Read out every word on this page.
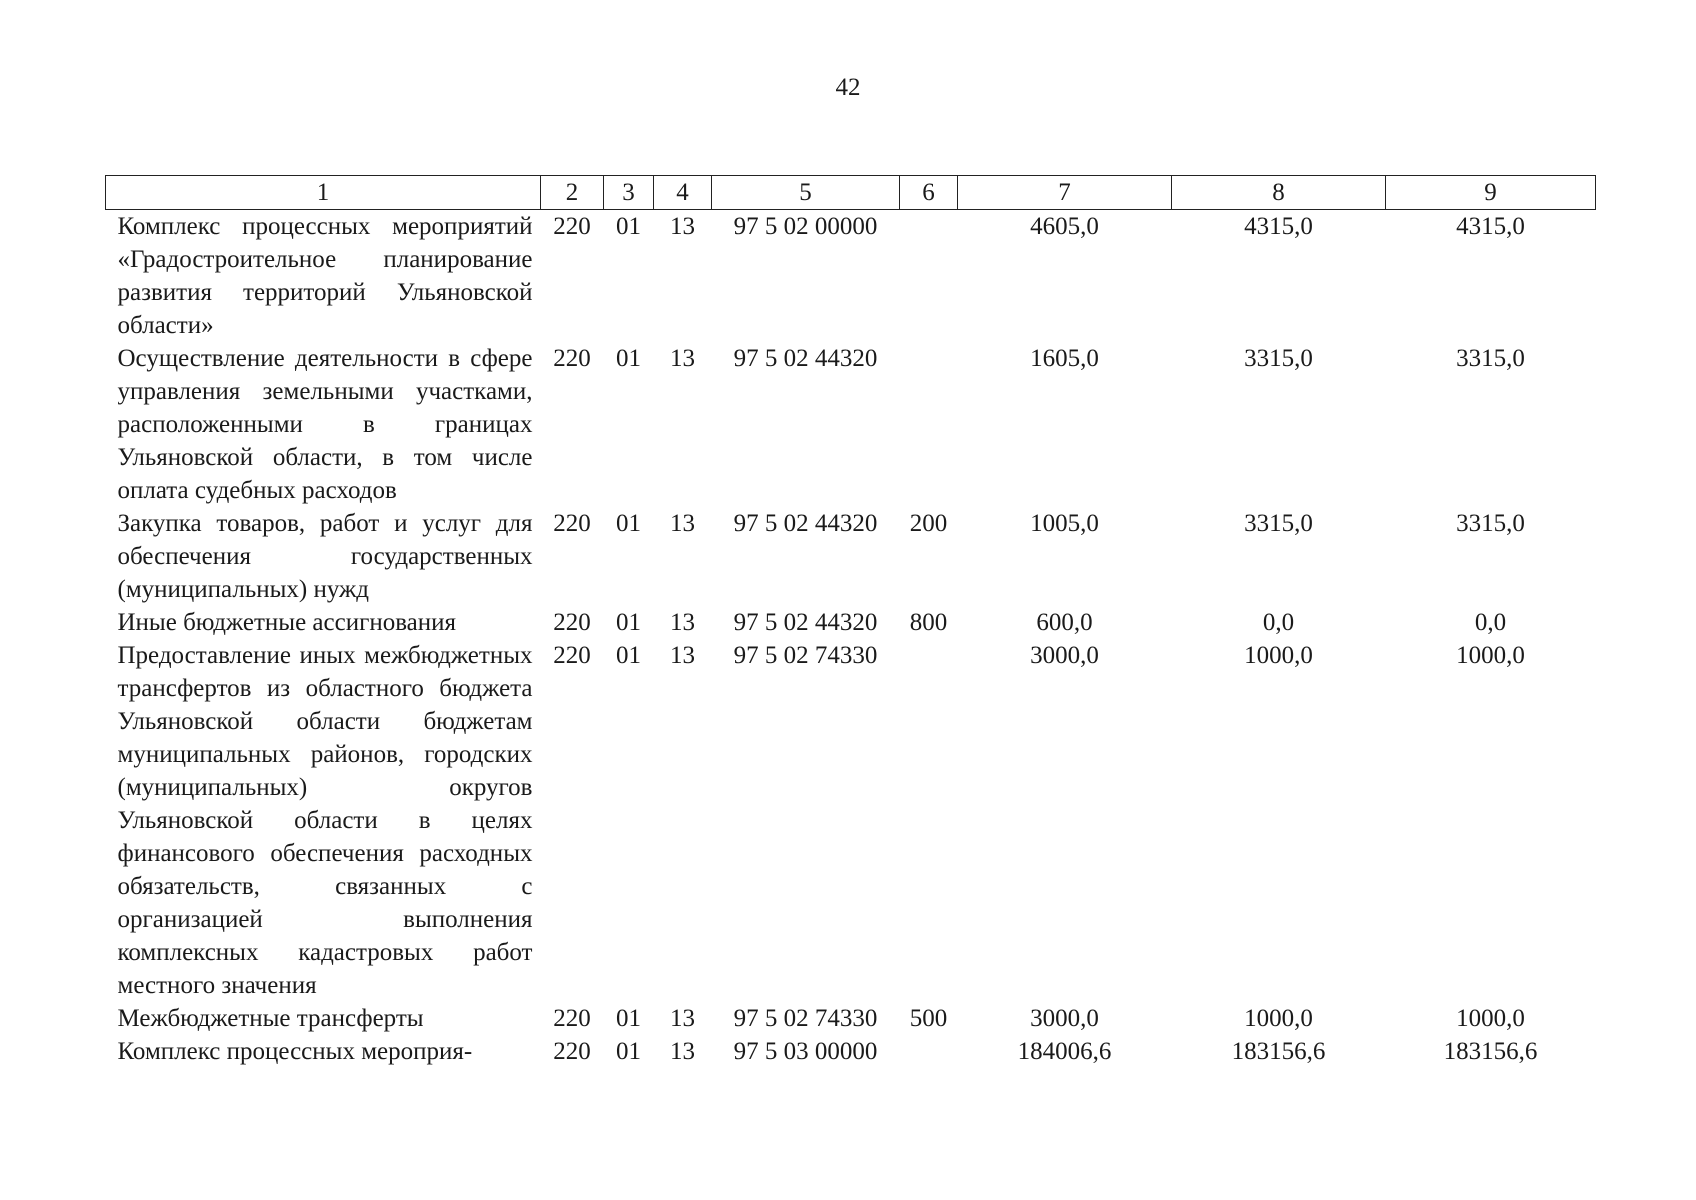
42
1	2	3	4	5	6	7	8	9
Комплекс процессных мероприятий «Градостроительное планирование развития территорий Ульяновской области»	220	01	13	97 5 02 00000		4605,0	4315,0	4315,0
Осуществление деятельности в сфере управления земельными участками, расположенными в границах Ульяновской области, в том числе оплата судебных расходов	220	01	13	97 5 02 44320		1605,0	3315,0	3315,0
Закупка товаров, работ и услуг для обеспечения государственных (муниципальных) нужд	220	01	13	97 5 02 44320	200	1005,0	3315,0	3315,0
Иные бюджетные ассигнования	220	01	13	97 5 02 44320	800	600,0	0,0	0,0
Предоставление иных межбюджетных трансфертов из областного бюджета Ульяновской области бюджетам муниципальных районов, городских (муниципальных) округов Ульяновской области в целях финансового обеспечения расходных обязательств, связанных с организацией выполнения комплексных кадастровых работ местного значения	220	01	13	97 5 02 74330		3000,0	1000,0	1000,0
Межбюджетные трансферты	220	01	13	97 5 02 74330	500	3000,0	1000,0	1000,0
Комплекс процессных мероприя-	220	01	13	97 5 03 00000		184006,6	183156,6	183156,6
